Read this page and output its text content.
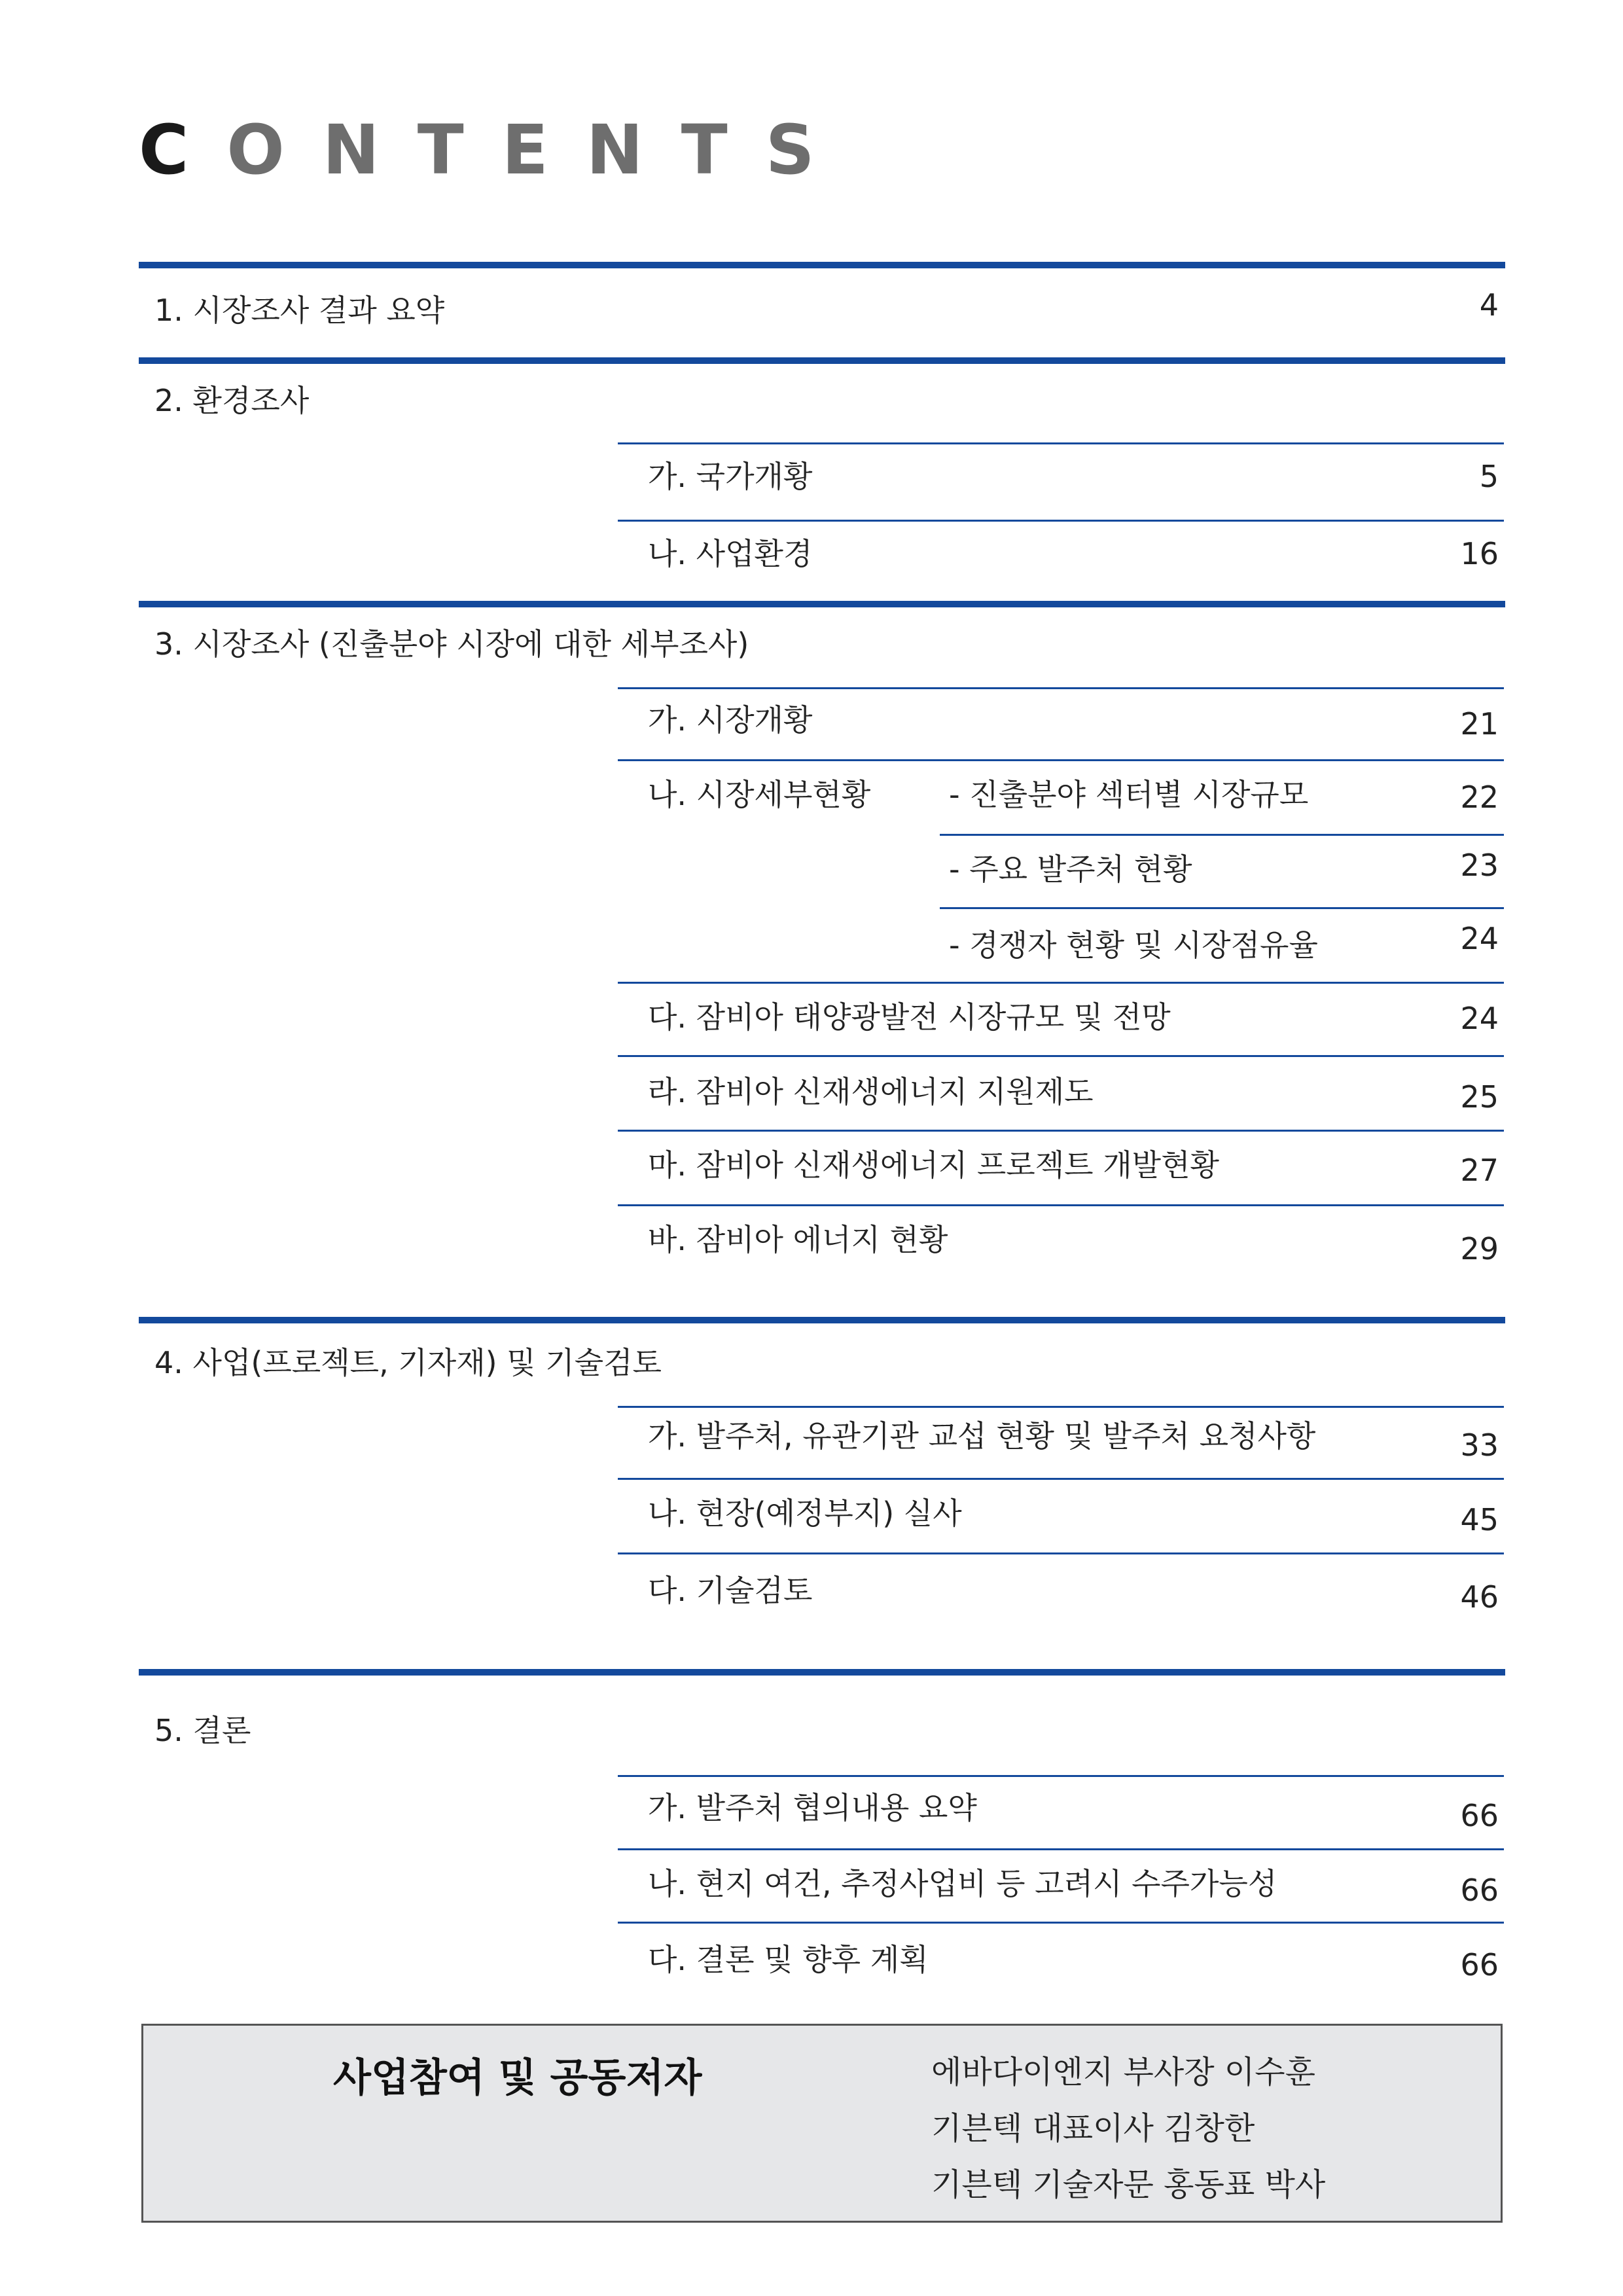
CONTENTS
1. 시장조사 결과 요약	4
2. 환경조사
가. 국가개황	5
나. 사업환경	16
3. 시장조사 (진출분야 시장에 대한 세부조사)
가. 시장개황	21
나. 시장세부현황	- 진출분야 섹터별 시장규모	22
- 주요 발주처 현황	23
- 경쟁자 현황 및 시장점유율	24
다. 잠비아 태양광발전 시장규모 및 전망	24
라. 잠비아 신재생에너지 지원제도	25
마. 잠비아 신재생에너지 프로젝트 개발현황	27
바. 잠비아 에너지 현황	29
4. 사업(프로젝트, 기자재) 및 기술검토
가. 발주처, 유관기관 교섭 현황 및 발주처 요청사항	33
나. 현장(예정부지) 실사	45
다. 기술검토	46
5. 결론
가. 발주처 협의내용 요약	66
나. 현지 여건, 추정사업비 등 고려시 수주가능성	66
다. 결론 및 향후 계획	66
사업참여 및 공동저자	에바다이엔지 부사장 이수훈
기븐텍 대표이사 김창한
기븐텍 기술자문 홍동표 박사
